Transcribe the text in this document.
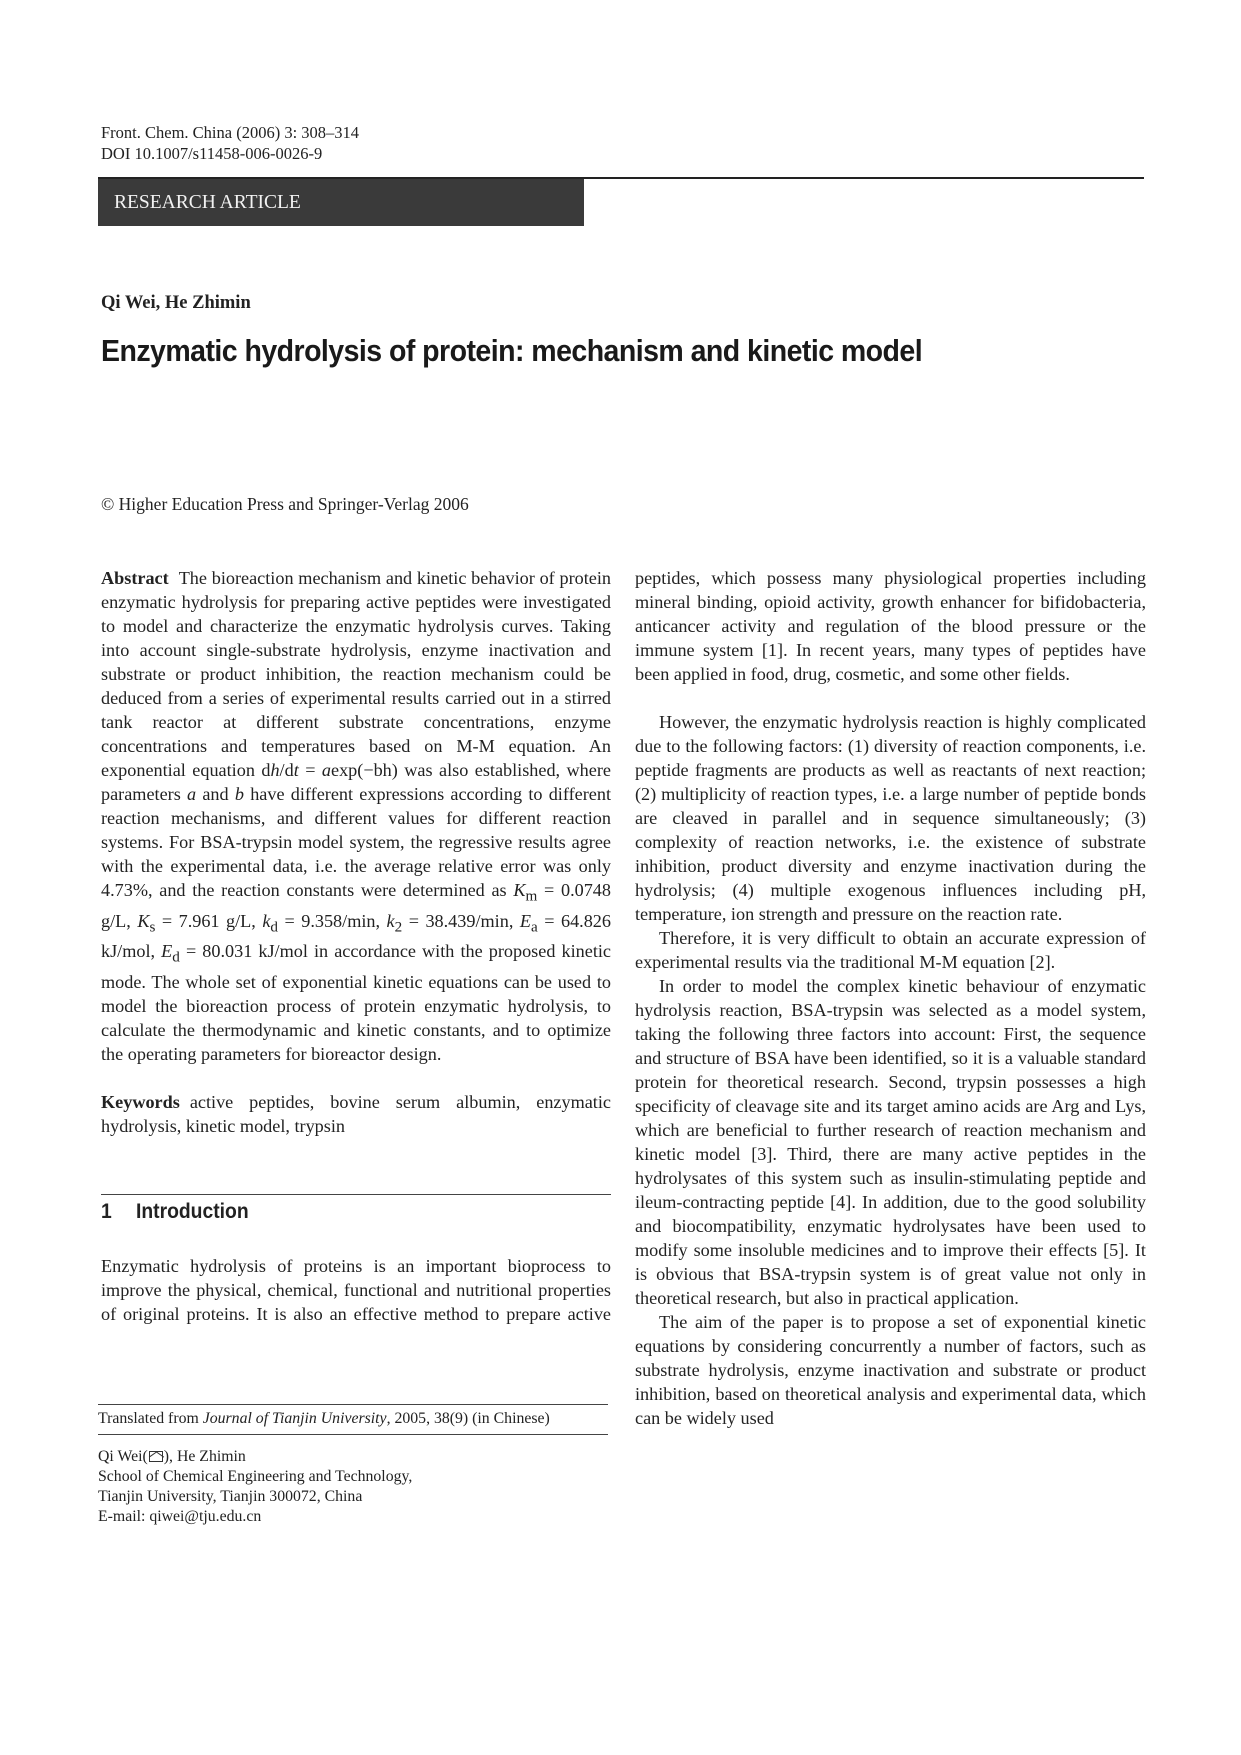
Front. Chem. China (2006) 3: 308–314
DOI 10.1007/s11458-006-0026-9
RESEARCH ARTICLE
Qi Wei, He Zhimin
Enzymatic hydrolysis of protein: mechanism and kinetic model
© Higher Education Press and Springer-Verlag 2006

Abstract The bioreaction mechanism and kinetic behavior of protein enzymatic hydrolysis for preparing active peptides were investigated to model and characterize the enzymatic hydrolysis curves. Taking into account single-substrate hydrolysis, enzyme inactivation and substrate or product inhibition, the reaction mechanism could be deduced from a series of experimental results carried out in a stirred tank reactor at different substrate concentrations, enzyme concentrations and temperatures based on M-M equation. An exponential equation dh/dt = aexp(−bh) was also established, where parameters a and b have different expressions according to different reaction mechanisms, and different values for different reaction systems. For BSA-trypsin model system, the regressive results agree with the experimental data, i.e. the average relative error was only 4.73%, and the reaction constants were determined as $K_m = 0.0748$ g/L, $K_s = 7.961$ g/L, $k_d = 9.358/\min$, $k_2 = 38.439/\min$, $E_a = 64.826$ kJ/mol, $E_d = 80.031$ kJ/mol in accordance with the proposed kinetic mode. The whole set of exponential kinetic equations can be used to model the bioreaction process of protein enzymatic hydrolysis, to calculate the thermodynamic and kinetic constants, and to optimize the operating parameters for bioreactor design.

Keywords active peptides, bovine serum albumin, enzymatic hydrolysis, kinetic model, trypsin

1 Introduction

Enzymatic hydrolysis of proteins is an important bioprocess to improve the physical, chemical, functional and nutritional properties of original proteins. It is also an effective method to prepare active

peptides, which possess many physiological properties including mineral binding, opioid activity, growth enhancer for bifidobacteria, anticancer activity and regulation of the blood pressure or the immune system [1]. In recent years, many types of peptides have been applied in food, drug, cosmetic, and some other fields.

However, the enzymatic hydrolysis reaction is highly complicated due to the following factors: (1) diversity of reaction components, i.e. peptide fragments are products as well as reactants of next reaction; (2) multiplicity of reaction types, i.e. a large number of peptide bonds are cleaved in parallel and in sequence simultaneously; (3) complexity of reaction networks, i.e. the existence of substrate inhibition, product diversity and enzyme inactivation during the hydrolysis; (4) multiple exogenous influences including pH, temperature, ion strength and pressure on the reaction rate.

Therefore, it is very difficult to obtain an accurate expression of experimental results via the traditional M-M equation [2].

In order to model the complex kinetic behaviour of enzymatic hydrolysis reaction, BSA-trypsin was selected as a model system, taking the following three factors into account: First, the sequence and structure of BSA have been identified, so it is a valuable standard protein for theoretical research. Second, trypsin possesses a high specificity of cleavage site and its target amino acids are Arg and Lys, which are beneficial to further research of reaction mechanism and kinetic model [3]. Third, there are many active peptides in the hydrolysates of this system such as insulin-stimulating peptide and ileum-contracting peptide [4]. In addition, due to the good solubility and biocompatibility, enzymatic hydrolysates have been used to modify some insoluble medicines and to improve their effects [5]. It is obvious that BSA-trypsin system is of great value not only in theoretical research, but also in practical application.

The aim of the paper is to propose a set of exponential kinetic equations by considering concurrently a number of factors, such as substrate hydrolysis, enzyme inactivation and substrate or product inhibition, based on theoretical analysis and experimental data, which can be widely used

Translated from Journal of Tianjin University, 2005, 38(9) (in Chinese)
Qi Wei( ), He Zhimin
School of Chemical Engineering and Technology,
Tianjin University, Tianjin 300072, China
E-mail: qiwei@tju.edu.cn
